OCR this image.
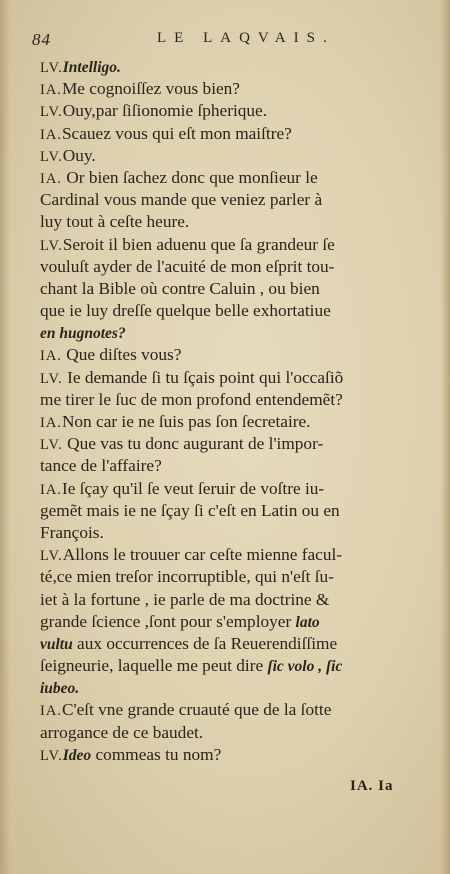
84	LE LAQVAIS.
LV.Intelligo.
IA.Me cognoiſſez vous bien?
LV.Ouy,par ſiſionomie ſpherique.
IA.Scauez vous qui eſt mon maiſtre?
LV.Ouy.
IA. Or bien ſachez donc que monſieur le
Cardinal vous mande que veniez parler à
luy tout à ceſte heure.
LV.Seroit il bien aduenu que ſa grandeur ſe
vouluſt ayder de l'acuité de mon eſprit tou-
chant la Bible où contre Caluin , ou bien
que ie luy dreſſe quelque belle exhortatiue
en hugnotes?
IA. Que diſtes vous?
LV. Ie demande ſi tu ſçais point qui l'occaſiõ
me tirer le ſuc de mon profond entendemẽt?
IA.Non car ie ne ſuis pas ſon ſecretaire.
LV. Que vas tu donc augurant de l'impor-
tance de l'affaire?
IA.Ie ſçay qu'il ſe veut ſeruir de voſtre iu-
gemẽt mais ie ne ſçay ſi c'eſt en Latin ou en
François.
LV.Allons le trouuer car ceſte mienne facul-
té,ce mien treſor incorruptible, qui n'eſt ſu-
iet à la fortune , ie parle de ma doctrine &
grande ſcience ,ſont pour s'employer lato
vultu aux occurrences de ſa Reuerendiſſime
ſeigneurie, laquelle me peut dire ſic volo , ſic
iubeo.
IA.C'eſt vne grande cruauté que de la ſotte
arrogance de ce baudet.
LV.Ideo commeas tu nom?
IA. Ia
